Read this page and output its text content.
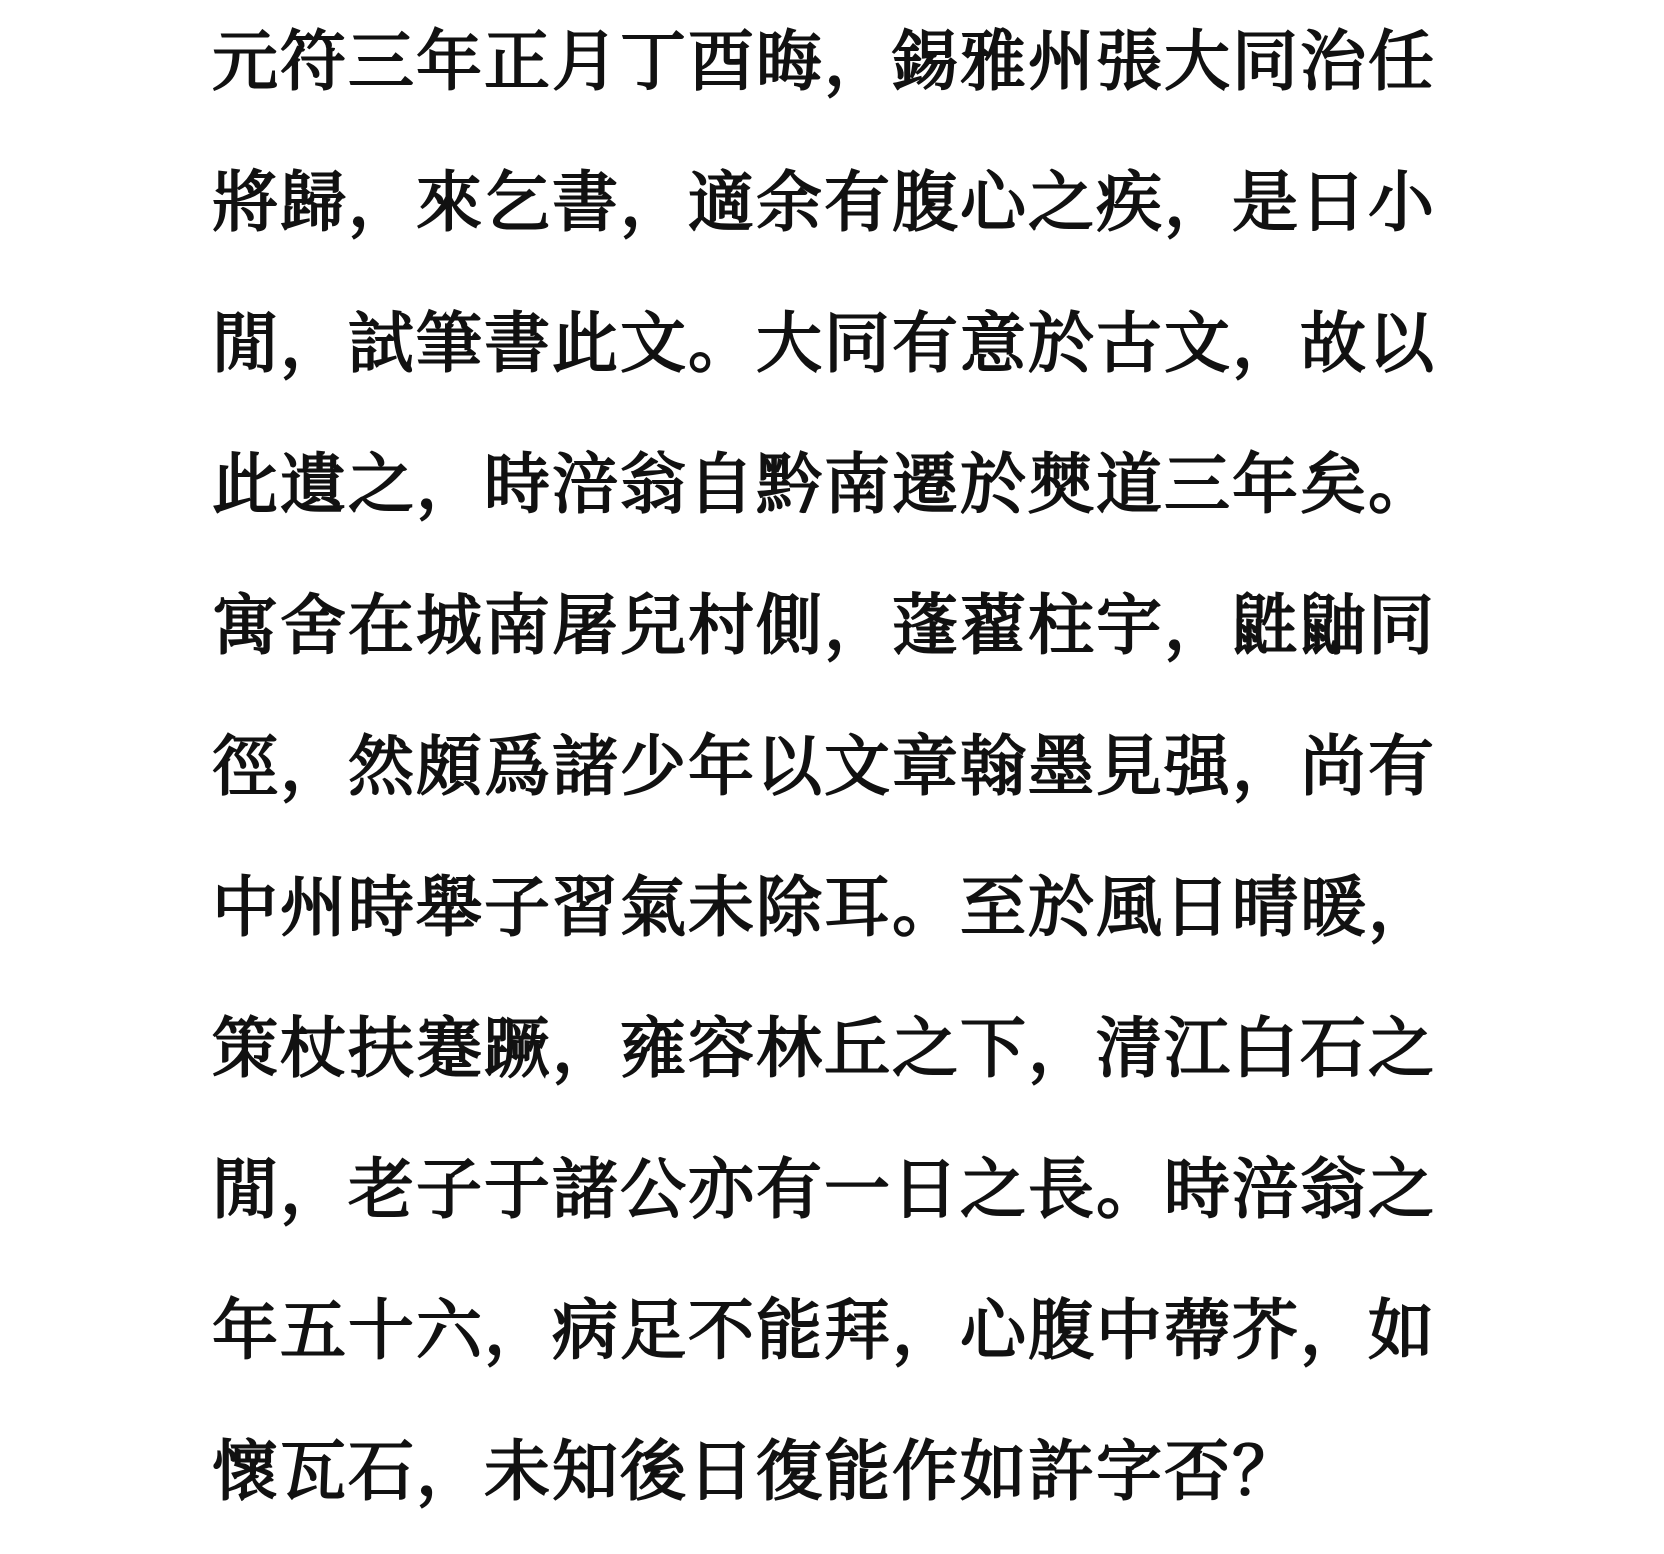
元符三年正月丁酉晦，錫雅州張大同治任
將歸，來乞書，適余有腹心之疾，是日小
閒，試筆書此文。大同有意於古文，故以
此遺之，時涪翁自黔南遷於僰道三年矣。
寓舍在城南屠兒村側，蓬藋柱宇，鼪鼬同
徑，然頗爲諸少年以文章翰墨見强，尚有
中州時舉子習氣未除耳。至於風日晴暖，
策杖扶蹇蹶，雍容林丘之下，清江白石之
閒，老子于諸公亦有一日之長。時涪翁之
年五十六，病足不能拜，心腹中蔕芥，如
懷瓦石，未知後日復能作如許字否？
